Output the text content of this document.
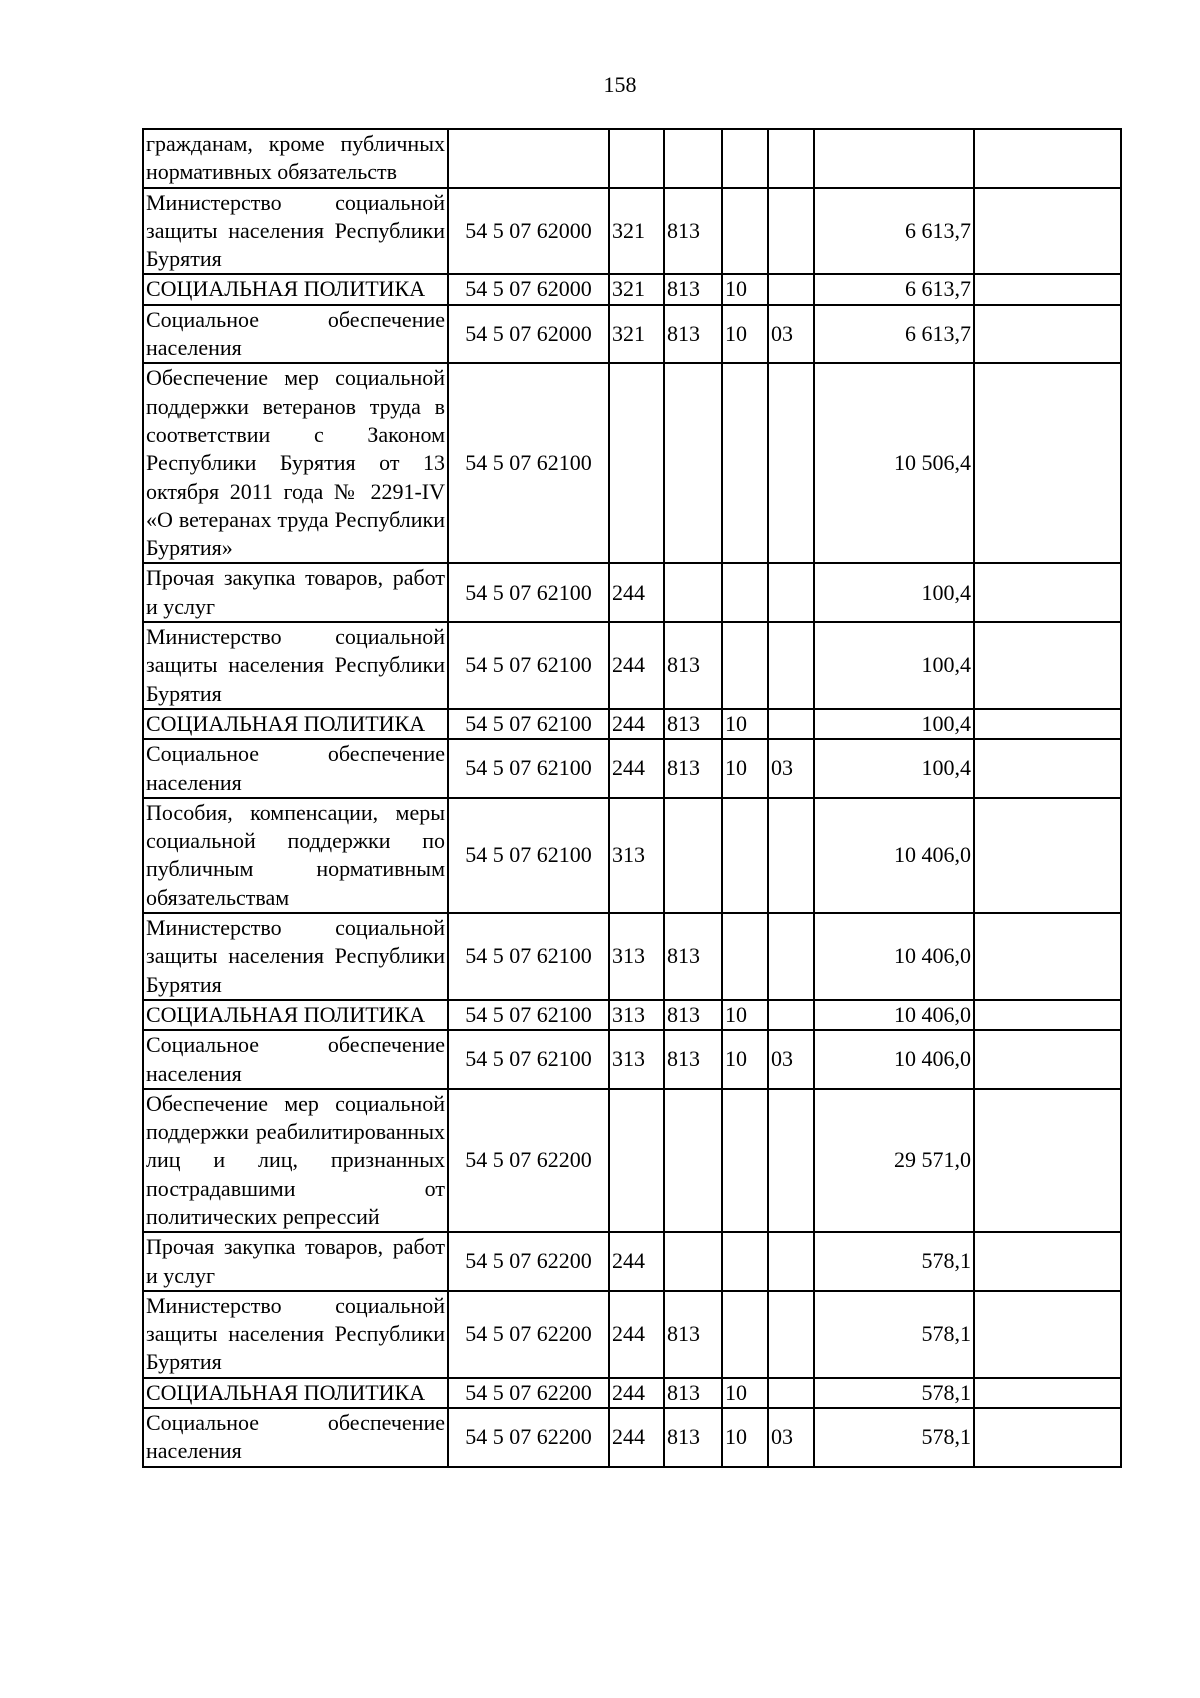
158
гражданам, кроме публичных нормативных обязательств							
Министерство социальной защиты населения Республики Бурятия	54 5 07 62000	321	813			6 613,7	
СОЦИАЛЬНАЯ ПОЛИТИКА	54 5 07 62000	321	813	10		6 613,7	
Социальное обеспечение населения	54 5 07 62000	321	813	10	03	6 613,7	
Обеспечение мер социальной поддержки ветеранов труда в соответствии с Законом Республики Бурятия от 13 октября 2011 года № 2291-IV «О ветеранах труда Республики Бурятия»	54 5 07 62100					10 506,4	
Прочая закупка товаров, работ и услуг	54 5 07 62100	244				100,4	
Министерство социальной защиты населения Республики Бурятия	54 5 07 62100	244	813			100,4	
СОЦИАЛЬНАЯ ПОЛИТИКА	54 5 07 62100	244	813	10		100,4	
Социальное обеспечение населения	54 5 07 62100	244	813	10	03	100,4	
Пособия, компенсации, меры социальной поддержки по публичным нормативным обязательствам	54 5 07 62100	313				10 406,0	
Министерство социальной защиты населения Республики Бурятия	54 5 07 62100	313	813			10 406,0	
СОЦИАЛЬНАЯ ПОЛИТИКА	54 5 07 62100	313	813	10		10 406,0	
Социальное обеспечение населения	54 5 07 62100	313	813	10	03	10 406,0	
Обеспечение мер социальной поддержки реабилитированных лиц и лиц, признанных пострадавшими от политических репрессий	54 5 07 62200					29 571,0	
Прочая закупка товаров, работ и услуг	54 5 07 62200	244				578,1	
Министерство социальной защиты населения Республики Бурятия	54 5 07 62200	244	813			578,1	
СОЦИАЛЬНАЯ ПОЛИТИКА	54 5 07 62200	244	813	10		578,1	
Социальное обеспечение населения	54 5 07 62200	244	813	10	03	578,1	
